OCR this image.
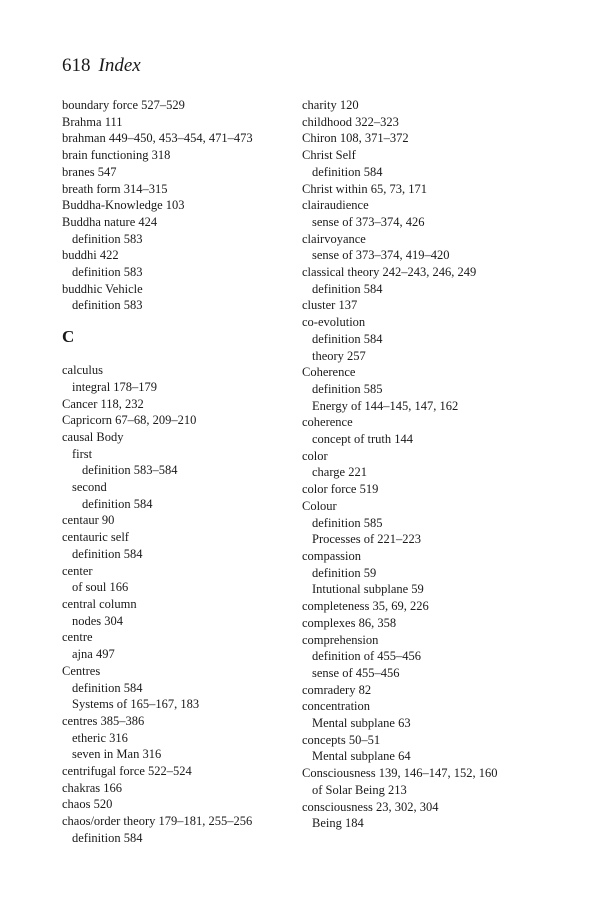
618 Index
boundary force 527–529
Brahma 111
brahman 449–450, 453–454, 471–473
brain functioning 318
branes 547
breath form 314–315
Buddha-Knowledge 103
Buddha nature 424
definition 583
buddhi 422
definition 583
buddhic Vehicle
definition 583
C
calculus
integral 178–179
Cancer 118, 232
Capricorn 67–68, 209–210
causal Body
first
definition 583–584
second
definition 584
centaur 90
centauric self
definition 584
center
of soul 166
central column
nodes 304
centre
ajna 497
Centres
definition 584
Systems of 165–167, 183
centres 385–386
etheric 316
seven in Man 316
centrifugal force 522–524
chakras 166
chaos 520
chaos/order theory 179–181, 255–256
definition 584
charity 120
childhood 322–323
Chiron 108, 371–372
Christ Self
definition 584
Christ within 65, 73, 171
clairaudience
sense of 373–374, 426
clairvoyance
sense of 373–374, 419–420
classical theory 242–243, 246, 249
definition 584
cluster 137
co-evolution
definition 584
theory 257
Coherence
definition 585
Energy of 144–145, 147, 162
coherence
concept of truth 144
color
charge 221
color force 519
Colour
definition 585
Processes of 221–223
compassion
definition 59
Intutional subplane 59
completeness 35, 69, 226
complexes 86, 358
comprehension
definition of 455–456
sense of 455–456
comradery 82
concentration
Mental subplane 63
concepts 50–51
Mental subplane 64
Consciousness 139, 146–147, 152, 160
of Solar Being 213
consciousness 23, 302, 304
Being 184
